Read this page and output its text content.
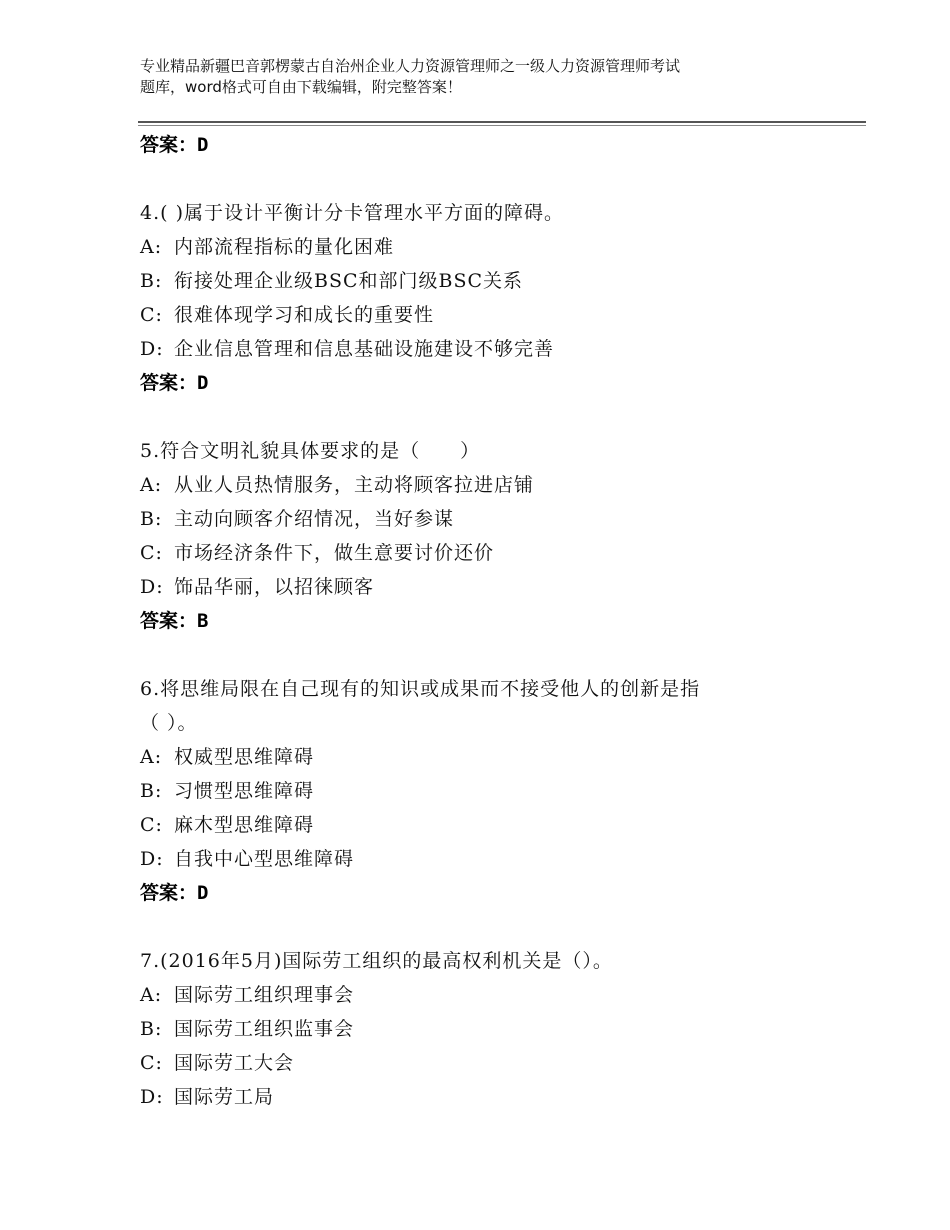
专业精品新疆巴音郭楞蒙古自治州企业人力资源管理师之一级人力资源管理师考试
题库，word格式可自由下载编辑，附完整答案！
答案：D
4.( )属于设计平衡计分卡管理水平方面的障碍。
A: 内部流程指标的量化困难
B: 衔接处理企业级BSC和部门级BSC关系
C: 很难体现学习和成长的重要性
D: 企业信息管理和信息基础设施建设不够完善
答案：D
5.符合文明礼貌具体要求的是（　　）
A: 从业人员热情服务，主动将顾客拉进店铺
B: 主动向顾客介绍情况，当好参谋
C: 市场经济条件下，做生意要讨价还价
D: 饰品华丽，以招徕顾客
答案：B
6.将思维局限在自己现有的知识或成果而不接受他人的创新是指
（ ）。
A: 权威型思维障碍
B: 习惯型思维障碍
C: 麻木型思维障碍
D: 自我中心型思维障碍
答案：D
7.(2016年5月)国际劳工组织的最高权利机关是（）。
A: 国际劳工组织理事会
B: 国际劳工组织监事会
C: 国际劳工大会
D: 国际劳工局
